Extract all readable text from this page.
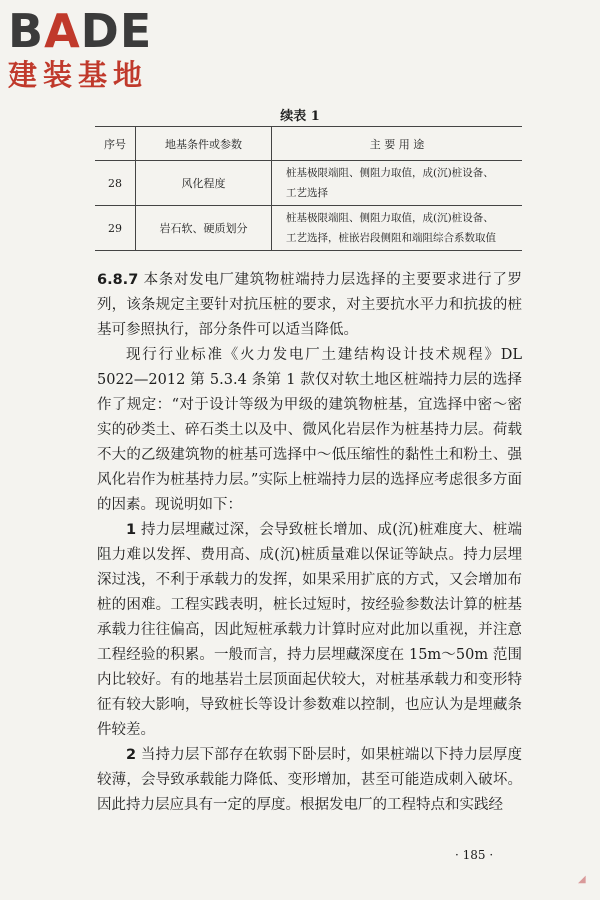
BADE
建装基地
续表 1
序号	地基条件或参数	主 要 用 途
28	风化程度	桩基极限端阻、侧阻力取值，成(沉)桩设备、
工艺选择

29	岩石软、硬质划分	桩基极限端阻、侧阻力取值，成(沉)桩设备、
工艺选择，桩嵌岩段侧阻和端阻综合系数取值

6.8.7 本条对发电厂建筑物桩端持力层选择的主要要求进行了罗列，该条规定主要针对抗压桩的要求，对主要抗水平力和抗拔的桩基可参照执行，部分条件可以适当降低。

现行行业标准《火力发电厂土建结构设计技术规程》DL 5022—2012 第 5.3.4 条第 1 款仅对软土地区桩端持力层的选择作了规定：“对于设计等级为甲级的建筑物桩基，宜选择中密～密实的砂类土、碎石类土以及中、微风化岩层作为桩基持力层。荷载不大的乙级建筑物的桩基可选择中～低压缩性的黏性土和粉土、强风化岩作为桩基持力层。”实际上桩端持力层的选择应考虑很多方面的因素。现说明如下：

1 持力层埋藏过深，会导致桩长增加、成(沉)桩难度大、桩端阻力难以发挥、费用高、成(沉)桩质量难以保证等缺点。持力层埋深过浅，不利于承载力的发挥，如果采用扩底的方式，又会增加布桩的困难。工程实践表明，桩长过短时，按经验参数法计算的桩基承载力往往偏高，因此短桩承载力计算时应对此加以重视，并注意工程经验的积累。一般而言，持力层埋藏深度在 15m～50m 范围内比较好。有的地基岩土层顶面起伏较大，对桩基承载力和变形特征有较大影响，导致桩长等设计参数难以控制，也应认为是埋藏条件较差。

2 当持力层下部存在软弱下卧层时，如果桩端以下持力层厚度较薄，会导致承载能力降低、变形增加，甚至可能造成刺入破坏。因此持力层应具有一定的厚度。根据发电厂的工程特点和实践经

· 185 ·
◢
